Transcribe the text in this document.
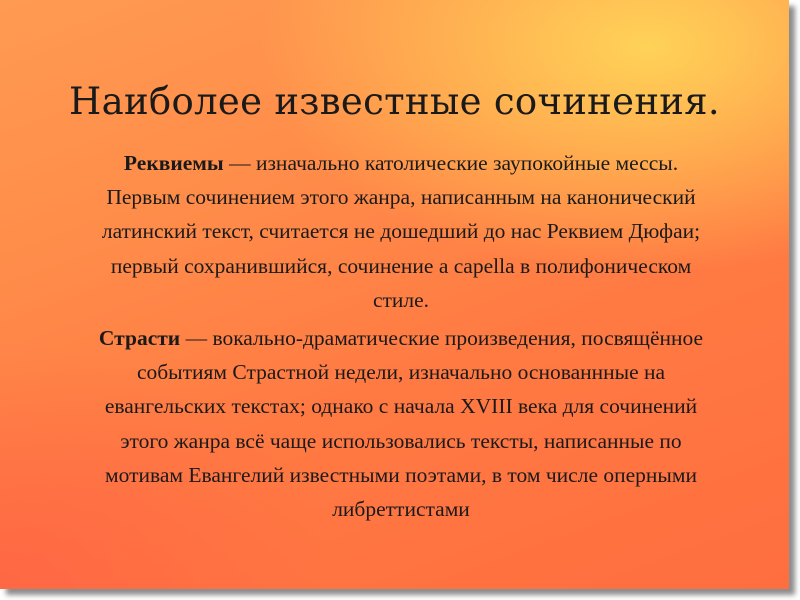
Наиболее известные сочинения.

Реквиемы — изначально католические заупокойные мессы. Первым сочинением этого жанра, написанным на канонический латинский текст, считается не дошедший до нас Реквием Дюфаи; первый сохранившийся, сочинение a capella в полифоническом стиле.

Страсти — вокально-драматические произведения, посвящённое событиям Страстной недели, изначально основаннные на евангельских текстах; однако с начала XVIII века для сочинений этого жанра всё чаще использовались тексты, написанные по мотивам Евангелий известными поэтами, в том числе оперными либреттистами
